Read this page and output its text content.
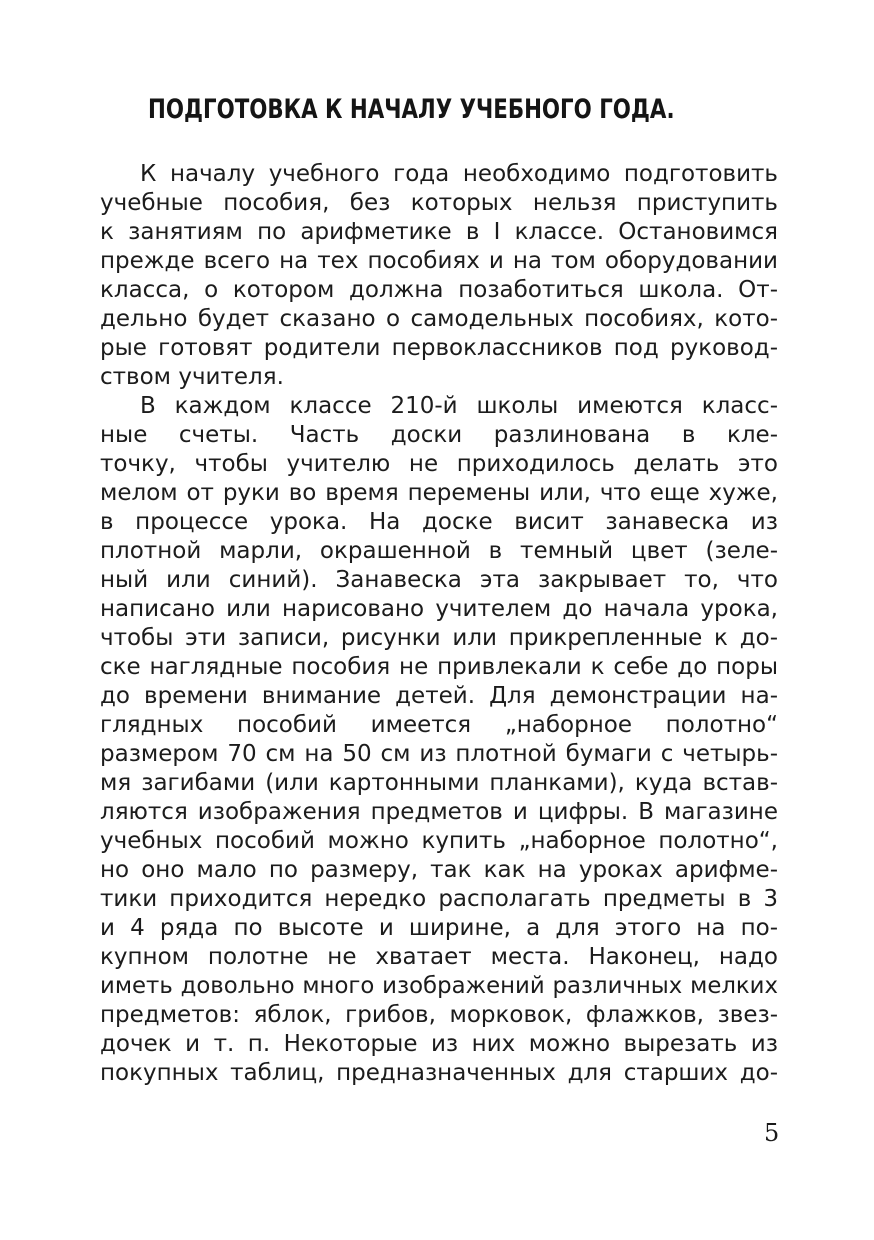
ПОДГОТОВКА К НАЧАЛУ УЧЕБНОГО ГОДА.
К началу учебного года необходимо подготовить
учебные пособия, без которых нельзя приступить
к занятиям по арифметике в I классе. Остановимся
прежде всего на тех пособиях и на том оборудовании
класса, о котором должна позаботиться школа. От-
дельно будет сказано о самодельных пособиях, кото-
рые готовят родители первоклассников под руковод-
ством учителя.
В каждом классе 210-й школы имеются класс-
ные счеты. Часть доски разлинована в кле-
точку, чтобы учителю не приходилось делать это
мелом от руки во время перемены или, что еще хуже,
в процессе урока. На доске висит занавеска из
плотной марли, окрашенной в темный цвет (зеле-
ный или синий). Занавеска эта закрывает то, что
написано или нарисовано учителем до начала урока,
чтобы эти записи, рисунки или прикрепленные к до-
ске наглядные пособия не привлекали к себе до поры
до времени внимание детей. Для демонстрации на-
глядных пособий имеется „наборное полотно“
размером 70 см на 50 см из плотной бумаги с четырь-
мя загибами (или картонными планками), куда встав-
ляются изображения предметов и цифры. В магазине
учебных пособий можно купить „наборное полотно“,
но оно мало по размеру, так как на уроках арифме-
тики приходится нередко располагать предметы в 3
и 4 ряда по высоте и ширине, а для этого на по-
купном полотне не хватает места. Наконец, надо
иметь довольно много изображений различных мелких
предметов: яблок, грибов, морковок, флажков, звез-
дочек и т. п. Некоторые из них можно вырезать из
покупных таблиц, предназначенных для старших до-
5
